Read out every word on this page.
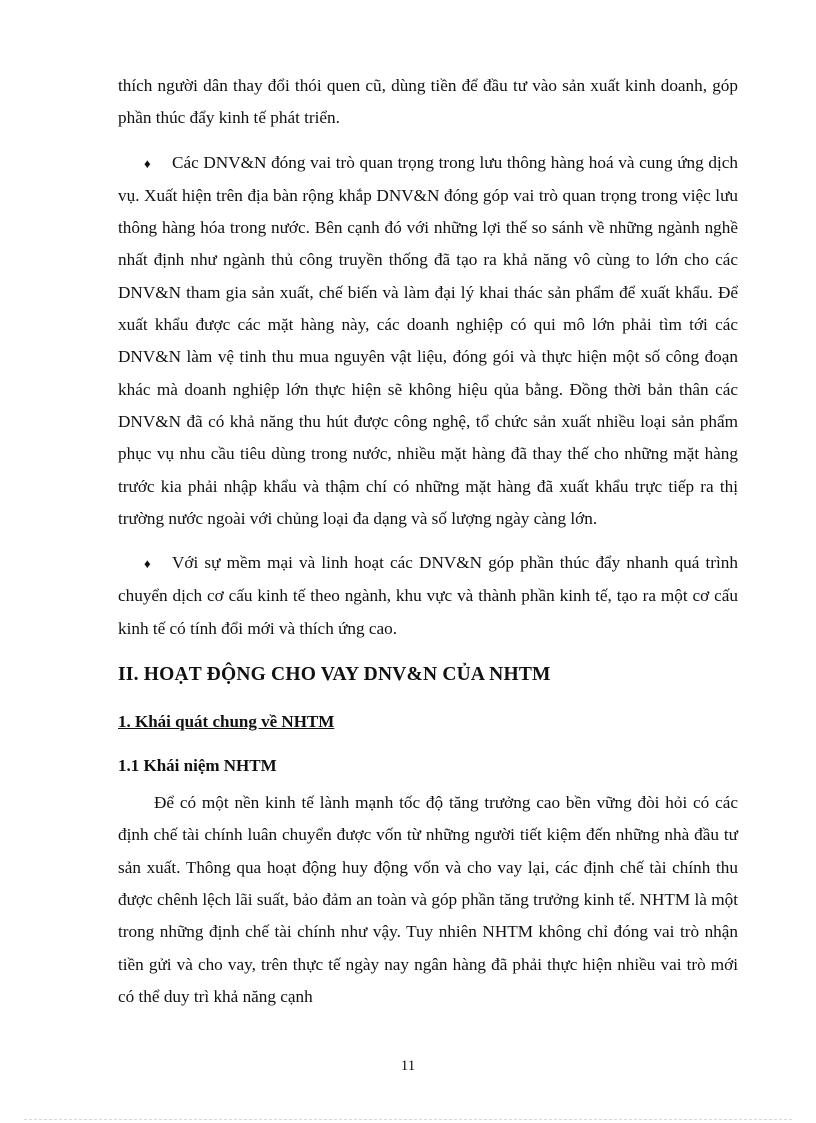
thích người dân thay đổi thói quen cũ, dùng tiền để đầu tư vào sản xuất kinh doanh, góp phần thúc đẩy kinh tế phát triển.

♦ Các DNV&N đóng vai trò quan trọng trong lưu thông hàng hoá và cung ứng dịch vụ. Xuất hiện trên địa bàn rộng khắp DNV&N đóng góp vai trò quan trọng trong việc lưu thông hàng hóa trong nước. Bên cạnh đó với những lợi thế so sánh về những ngành nghề nhất định như ngành thủ công truyền thống đã tạo ra khả năng vô cùng to lớn cho các DNV&N tham gia sản xuất, chế biến và làm đại lý khai thác sản phẩm để xuất khẩu. Để xuất khẩu được các mặt hàng này, các doanh nghiệp có qui mô lớn phải tìm tới các DNV&N làm vệ tinh thu mua nguyên vật liệu, đóng gói và thực hiện một số công đoạn khác mà doanh nghiệp lớn thực hiện sẽ không hiệu qủa bằng. Đồng thời bản thân các DNV&N đã có khả năng thu hút được công nghệ, tổ chức sản xuất nhiều loại sản phẩm phục vụ nhu cầu tiêu dùng trong nước, nhiều mặt hàng đã thay thế cho những mặt hàng trước kia phải nhập khẩu và thậm chí có những mặt hàng đã xuất khẩu trực tiếp ra thị trường nước ngoài với chủng loại đa dạng và số lượng ngày càng lớn.

♦ Với sự mềm mại và linh hoạt các DNV&N góp phần thúc đẩy nhanh quá trình chuyển dịch cơ cấu kinh tế theo ngành, khu vực và thành phần kinh tế, tạo ra một cơ cấu kinh tế có tính đổi mới và thích ứng cao.

II. HOẠT ĐỘNG CHO VAY DNV&N CỦA NHTM
1. Khái quát chung về NHTM
1.1 Khái niệm NHTM

Để có một nền kinh tế lành mạnh tốc độ tăng trưởng cao bền vững đòi hỏi có các định chế tài chính luân chuyển được vốn từ những người tiết kiệm đến những nhà đầu tư sản xuất. Thông qua hoạt động huy động vốn và cho vay lại, các định chế tài chính thu được chênh lệch lãi suất, bảo đảm an toàn và góp phần tăng trưởng kinh tế. NHTM là một trong những định chế tài chính như vậy. Tuy nhiên NHTM không chỉ đóng vai trò nhận tiền gửi và cho vay, trên thực tế ngày nay ngân hàng đã phải thực hiện nhiều vai trò mới có thể duy trì khả năng cạnh

11
